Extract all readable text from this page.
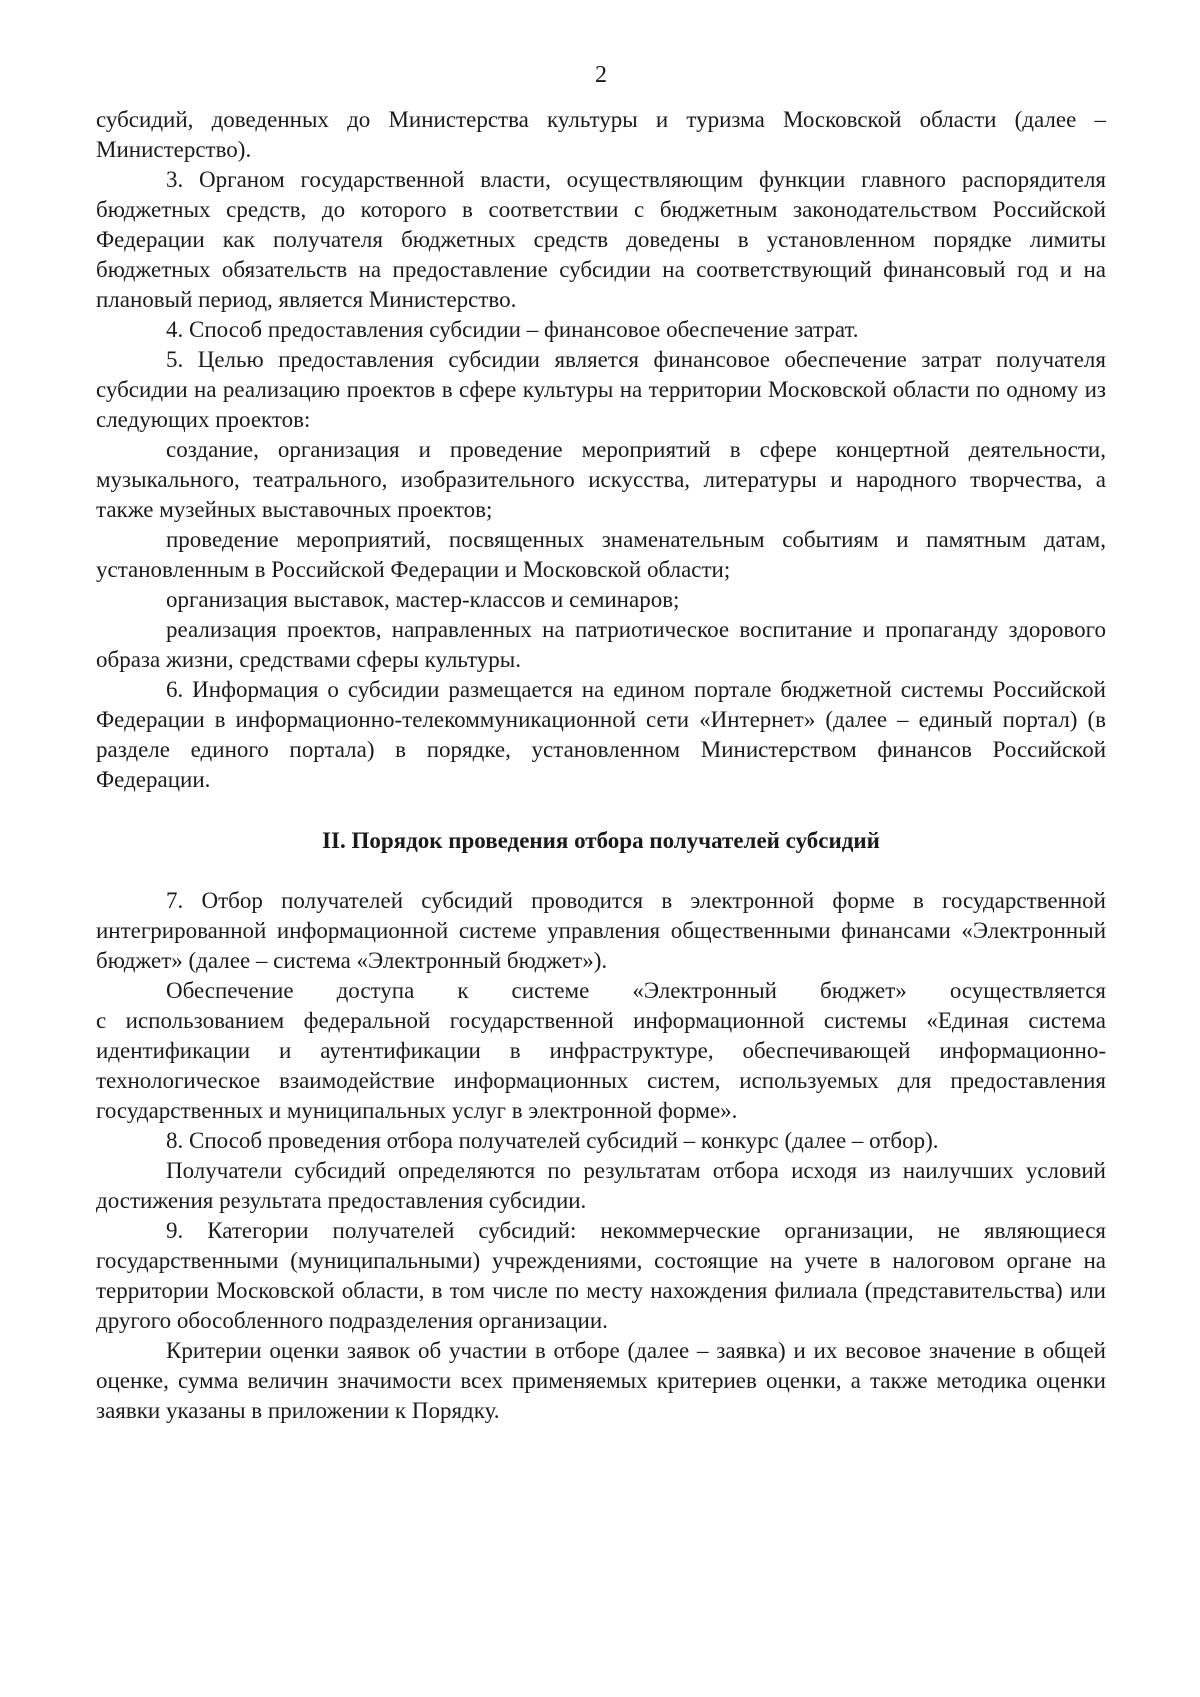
2

субсидий, доведенных до Министерства культуры и туризма Московской области (далее – Министерство).

3. Органом государственной власти, осуществляющим функции главного распорядителя бюджетных средств, до которого в соответствии с бюджетным законодательством Российской Федерации как получателя бюджетных средств доведены в установленном порядке лимиты бюджетных обязательств на предоставление субсидии на соответствующий финансовый год и на плановый период, является Министерство.

4. Способ предоставления субсидии – финансовое обеспечение затрат.

5. Целью предоставления субсидии является финансовое обеспечение затрат получателя субсидии на реализацию проектов в сфере культуры на территории Московской области по одному из следующих проектов:

создание, организация и проведение мероприятий в сфере концертной деятельности, музыкального, театрального, изобразительного искусства, литературы и народного творчества, а также музейных выставочных проектов;

проведение мероприятий, посвященных знаменательным событиям и памятным датам, установленным в Российской Федерации и Московской области;

организация выставок, мастер-классов и семинаров;

реализация проектов, направленных на патриотическое воспитание и пропаганду здорового образа жизни, средствами сферы культуры.

6. Информация о субсидии размещается на едином портале бюджетной системы Российской Федерации в информационно-телекоммуникационной сети «Интернет» (далее – единый портал) (в разделе единого портала) в порядке, установленном Министерством финансов Российской Федерации.

II. Порядок проведения отбора получателей субсидий

7. Отбор получателей субсидий проводится в электронной форме в государственной интегрированной информационной системе управления общественными финансами «Электронный бюджет» (далее – система «Электронный бюджет»).

Обеспечение доступа к системе «Электронный бюджет» осуществляется

с использованием федеральной государственной информационной системы «Единая система идентификации и аутентификации в инфраструктуре, обеспечивающей информационно-технологическое взаимодействие информационных систем, используемых для предоставления государственных и муниципальных услуг в электронной форме».

8. Способ проведения отбора получателей субсидий – конкурс (далее – отбор).

Получатели субсидий определяются по результатам отбора исходя из наилучших условий достижения результата предоставления субсидии.

9. Категории получателей субсидий: некоммерческие организации, не являющиеся государственными (муниципальными) учреждениями, состоящие на учете в налоговом органе на территории Московской области, в том числе по месту нахождения филиала (представительства) или другого обособленного подразделения организации.

Критерии оценки заявок об участии в отборе (далее – заявка) и их весовое значение в общей оценке, сумма величин значимости всех применяемых критериев оценки, а также методика оценки заявки указаны в приложении к Порядку.
